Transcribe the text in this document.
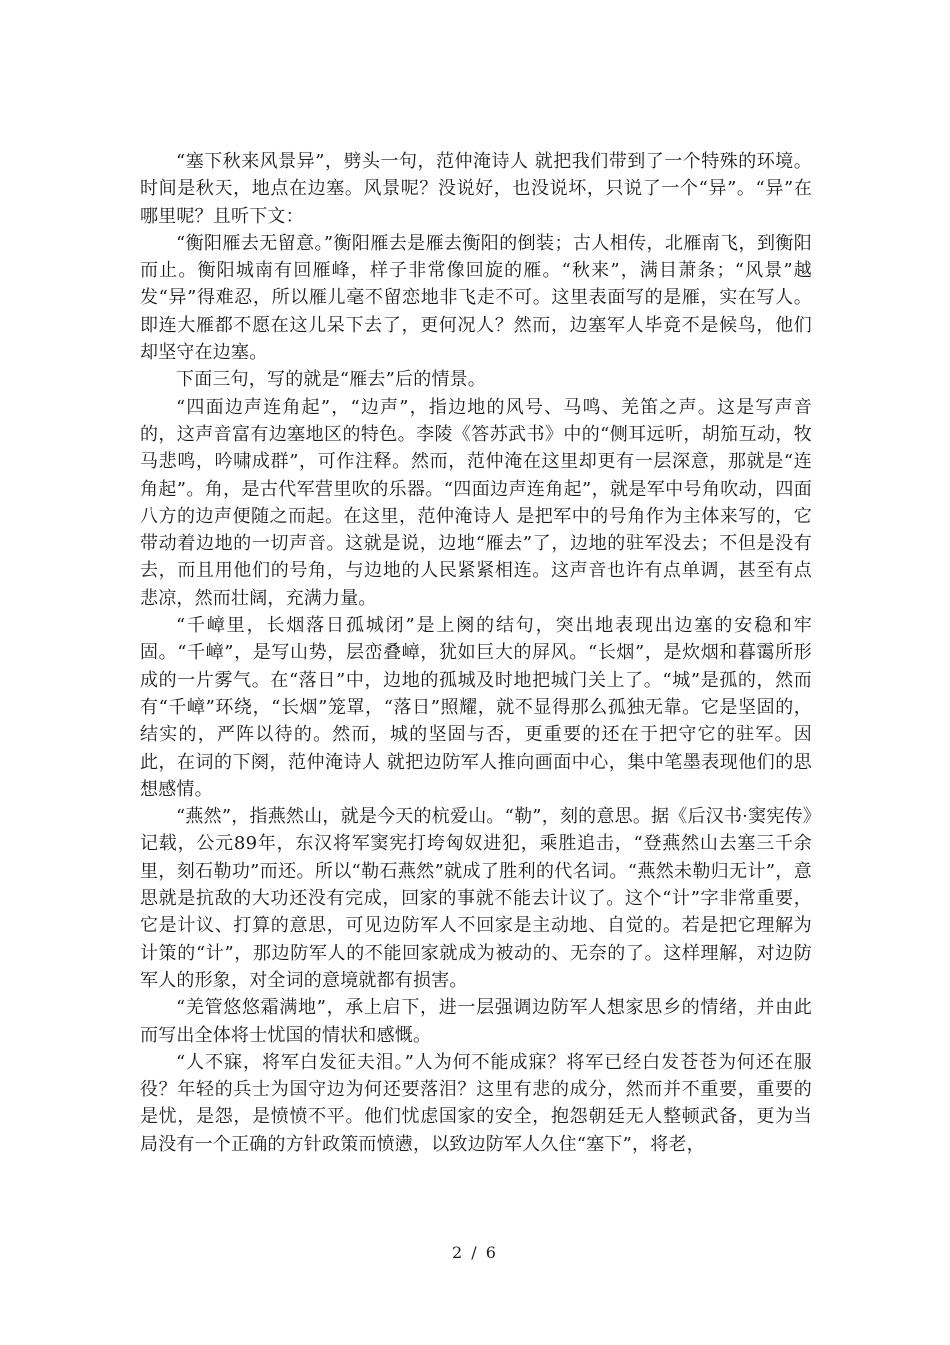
“塞下秋来风景异”，劈头一句，范仲淹诗人 就把我们带到了一个特殊的环境。时间是秋天，地点在边塞。风景呢？没说好，也没说坏，只说了一个“异”。“异”在哪里呢？且听下文：

“衡阳雁去无留意。”衡阳雁去是雁去衡阳的倒装；古人相传，北雁南飞，到衡阳而止。衡阳城南有回雁峰，样子非常像回旋的雁。“秋来”，满目萧条；“风景”越发“异”得难忍，所以雁儿毫不留恋地非飞走不可。这里表面写的是雁，实在写人。即连大雁都不愿在这儿呆下去了，更何况人？然而，边塞军人毕竟不是候鸟，他们却坚守在边塞。

下面三句，写的就是“雁去”后的情景。

“四面边声连角起”，“边声”，指边地的风号、马鸣、羌笛之声。这是写声音的，这声音富有边塞地区的特色。李陵《答苏武书》中的“侧耳远听，胡笳互动，牧马悲鸣，吟啸成群”，可作注释。然而，范仲淹在这里却更有一层深意，那就是“连角起”。角，是古代军营里吹的乐器。“四面边声连角起”，就是军中号角吹动，四面八方的边声便随之而起。在这里，范仲淹诗人 是把军中的号角作为主体来写的，它带动着边地的一切声音。这就是说，边地“雁去”了，边地的驻军没去；不但是没有去，而且用他们的号角，与边地的人民紧紧相连。这声音也许有点单调，甚至有点悲凉，然而壮阔，充满力量。

“千嶂里，长烟落日孤城闭”是上阕的结句，突出地表现出边塞的安稳和牢固。“千嶂”，是写山势，层峦叠嶂，犹如巨大的屏风。“长烟”，是炊烟和暮霭所形成的一片雾气。在“落日”中，边地的孤城及时地把城门关上了。“城”是孤的，然而有“千嶂”环绕，“长烟”笼罩，“落日”照耀，就不显得那么孤独无靠。它是坚固的，结实的，严阵以待的。然而，城的坚固与否，更重要的还在于把守它的驻军。因此，在词的下阕，范仲淹诗人 就把边防军人推向画面中心，集中笔墨表现他们的思想感情。

“燕然”，指燕然山，就是今天的杭爱山。“勒”，刻的意思。据《后汉书·窦宪传》记载，公元89年，东汉将军窦宪打垮匈奴进犯，乘胜追击，“登燕然山去塞三千余里，刻石勒功”而还。所以“勒石燕然”就成了胜利的代名词。“燕然未勒归无计”，意思就是抗敌的大功还没有完成，回家的事就不能去计议了。这个“计”字非常重要，它是计议、打算的意思，可见边防军人不回家是主动地、自觉的。若是把它理解为计策的“计”，那边防军人的不能回家就成为被动的、无奈的了。这样理解，对边防军人的形象，对全词的意境就都有损害。

“羌管悠悠霜满地”，承上启下，进一层强调边防军人想家思乡的情绪，并由此而写出全体将士忧国的情状和感慨。

“人不寐，将军白发征夫泪。”人为何不能成寐？将军已经白发苍苍为何还在服役？年轻的兵士为国守边为何还要落泪？这里有悲的成分，然而并不重要，重要的是忧，是怨，是愤愤不平。他们忧虑国家的安全，抱怨朝廷无人整顿武备，更为当局没有一个正确的方针政策而愤懑，以致边防军人久住“塞下”，将老，

2 / 6
